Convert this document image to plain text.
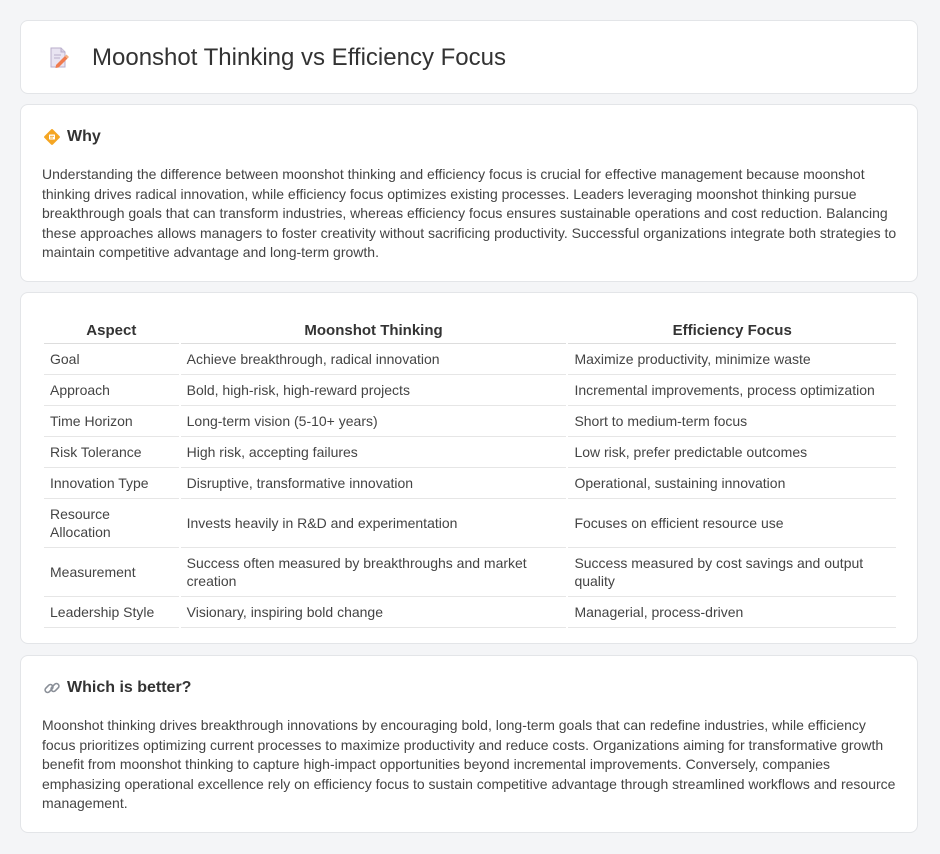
Moonshot Thinking vs Efficiency Focus
Why

Understanding the difference between moonshot thinking and efficiency focus is crucial for effective management because moonshot thinking drives radical innovation, while efficiency focus optimizes existing processes. Leaders leveraging moonshot thinking pursue breakthrough goals that can transform industries, whereas efficiency focus ensures sustainable operations and cost reduction. Balancing these approaches allows managers to foster creativity without sacrificing productivity. Successful organizations integrate both strategies to maintain competitive advantage and long-term growth.

Aspect	Moonshot Thinking	Efficiency Focus
Goal	Achieve breakthrough, radical innovation	Maximize productivity, minimize waste
Approach	Bold, high-risk, high-reward projects	Incremental improvements, process optimization
Time Horizon	Long-term vision (5-10+ years)	Short to medium-term focus
Risk Tolerance	High risk, accepting failures	Low risk, prefer predictable outcomes
Innovation Type	Disruptive, transformative innovation	Operational, sustaining innovation
Resource Allocation	Invests heavily in R&D and experimentation	Focuses on efficient resource use
Measurement	Success often measured by breakthroughs and market creation	Success measured by cost savings and output quality
Leadership Style	Visionary, inspiring bold change	Managerial, process-driven
Which is better?

Moonshot thinking drives breakthrough innovations by encouraging bold, long-term goals that can redefine industries, while efficiency focus prioritizes optimizing current processes to maximize productivity and reduce costs. Organizations aiming for transformative growth benefit from moonshot thinking to capture high-impact opportunities beyond incremental improvements. Conversely, companies emphasizing operational excellence rely on efficiency focus to sustain competitive advantage through streamlined workflows and resource management.
